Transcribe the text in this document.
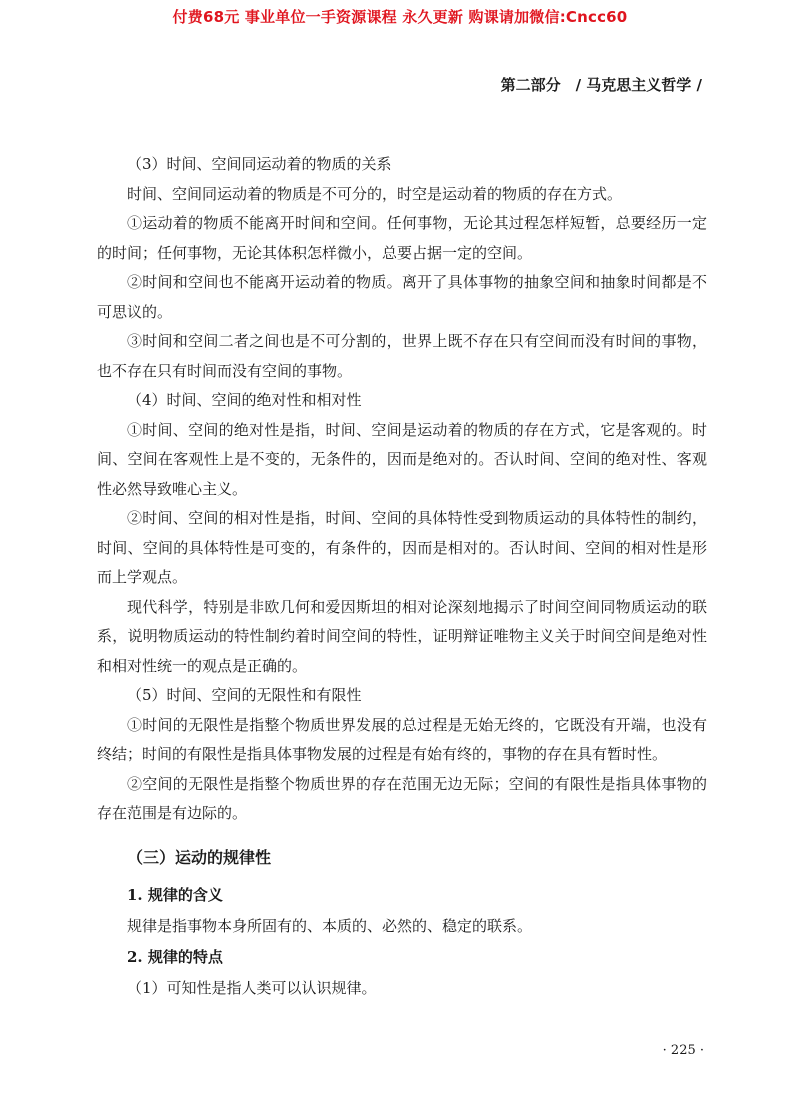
付费68元 事业单位一手资源课程 永久更新 购课请加微信:Cncc60
第二部分　/ 马克思主义哲学 /

（3）时间、空间同运动着的物质的关系

时间、空间同运动着的物质是不可分的，时空是运动着的物质的存在方式。

①运动着的物质不能离开时间和空间。任何事物，无论其过程怎样短暂，总要经历一定的时间；任何事物，无论其体积怎样微小，总要占据一定的空间。

②时间和空间也不能离开运动着的物质。离开了具体事物的抽象空间和抽象时间都是不可思议的。

③时间和空间二者之间也是不可分割的，世界上既不存在只有空间而没有时间的事物，也不存在只有时间而没有空间的事物。

（4）时间、空间的绝对性和相对性

①时间、空间的绝对性是指，时间、空间是运动着的物质的存在方式，它是客观的。时间、空间在客观性上是不变的，无条件的，因而是绝对的。否认时间、空间的绝对性、客观性必然导致唯心主义。

②时间、空间的相对性是指，时间、空间的具体特性受到物质运动的具体特性的制约，时间、空间的具体特性是可变的，有条件的，因而是相对的。否认时间、空间的相对性是形而上学观点。

现代科学，特别是非欧几何和爱因斯坦的相对论深刻地揭示了时间空间同物质运动的联系，说明物质运动的特性制约着时间空间的特性，证明辩证唯物主义关于时间空间是绝对性和相对性统一的观点是正确的。

（5）时间、空间的无限性和有限性

①时间的无限性是指整个物质世界发展的总过程是无始无终的，它既没有开端，也没有终结；时间的有限性是指具体事物发展的过程是有始有终的，事物的存在具有暂时性。

②空间的无限性是指整个物质世界的存在范围无边无际；空间的有限性是指具体事物的存在范围是有边际的。

（三）运动的规律性

1. 规律的含义

规律是指事物本身所固有的、本质的、必然的、稳定的联系。

2. 规律的特点

（1）可知性是指人类可以认识规律。

· 225 ·
